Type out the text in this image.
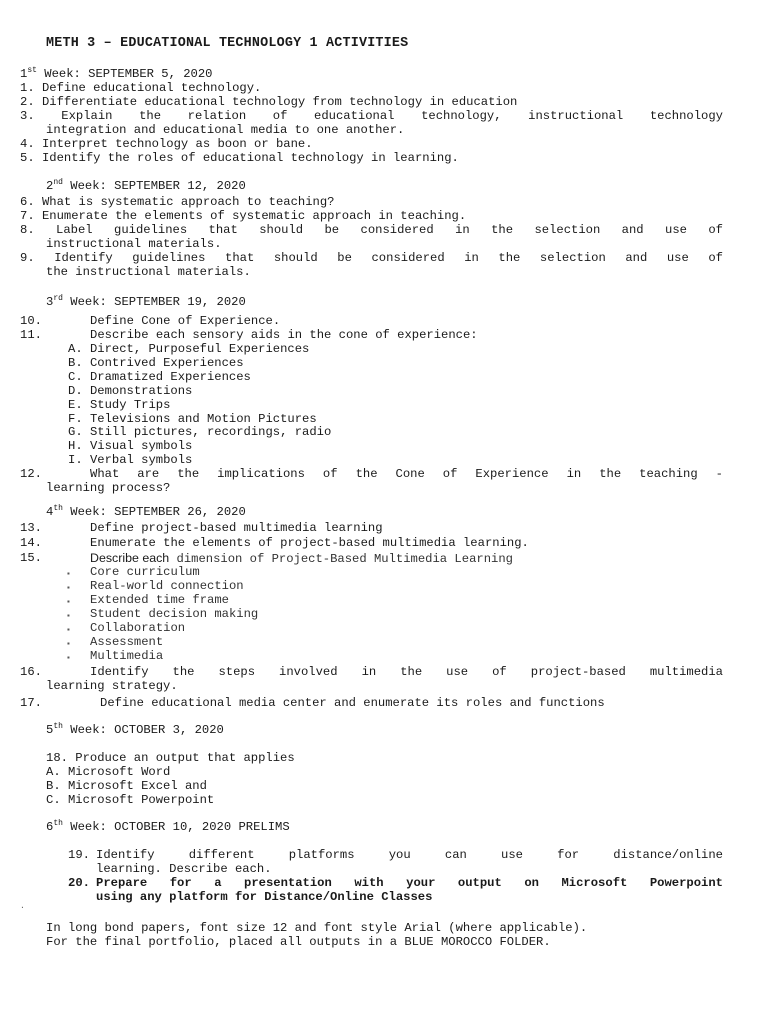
METH 3 – EDUCATIONAL TECHNOLOGY 1 ACTIVITIES
1st Week: SEPTEMBER 5, 2020
1. Define educational technology.
2. Differentiate educational technology from technology in education
3. Explain the relation of educational technology, instructional technology
integration and educational media to one another.
4. Interpret technology as boon or bane.
5. Identify the roles of educational technology in learning.
2nd Week: SEPTEMBER 12, 2020
6. What is systematic approach to teaching?
7. Enumerate the elements of systematic approach in teaching.
8. Label guidelines that should be considered in the selection and use of
instructional materials.
9. Identify guidelines that should be considered in the selection and use of
the instructional materials.
3rd Week: SEPTEMBER 19, 2020
10.	Define Cone of Experience.
11.	Describe each sensory aids in the cone of experience:
A. Direct, Purposeful Experiences
B. Contrived Experiences
C. Dramatized Experiences
D. Demonstrations
E. Study Trips
F. Televisions and Motion Pictures
G. Still pictures, recordings, radio
H. Visual symbols
I. Verbal symbols
12.	What are the implications of the Cone of Experience in the teaching -
learning process?
4th Week: SEPTEMBER 26, 2020
13.	Define project-based multimedia learning
14.	Enumerate the elements of project-based multimedia learning.
15.	Describe each dimension of Project-Based Multimedia Learning
▪ Core curriculum
▪ Real-world connection
▪ Extended time frame
▪ Student decision making
▪ Collaboration
▪ Assessment
▪ Multimedia
16.	Identify the steps involved in the use of project-based multimedia
learning strategy.
17.	Define educational media center and enumerate its roles and functions
5th Week: OCTOBER 3, 2020
18. Produce an output that applies
A. Microsoft Word
B. Microsoft Excel and
C. Microsoft Powerpoint
6th Week: OCTOBER 10, 2020 PRELIMS
19. Identify different platforms you can use for distance/online
learning. Describe each.
20. Prepare for a presentation with your output on Microsoft Powerpoint
using any platform for Distance/Online Classes
.
In long bond papers, font size 12 and font style Arial (where applicable).
For the final portfolio, placed all outputs in a BLUE MOROCCO FOLDER.
